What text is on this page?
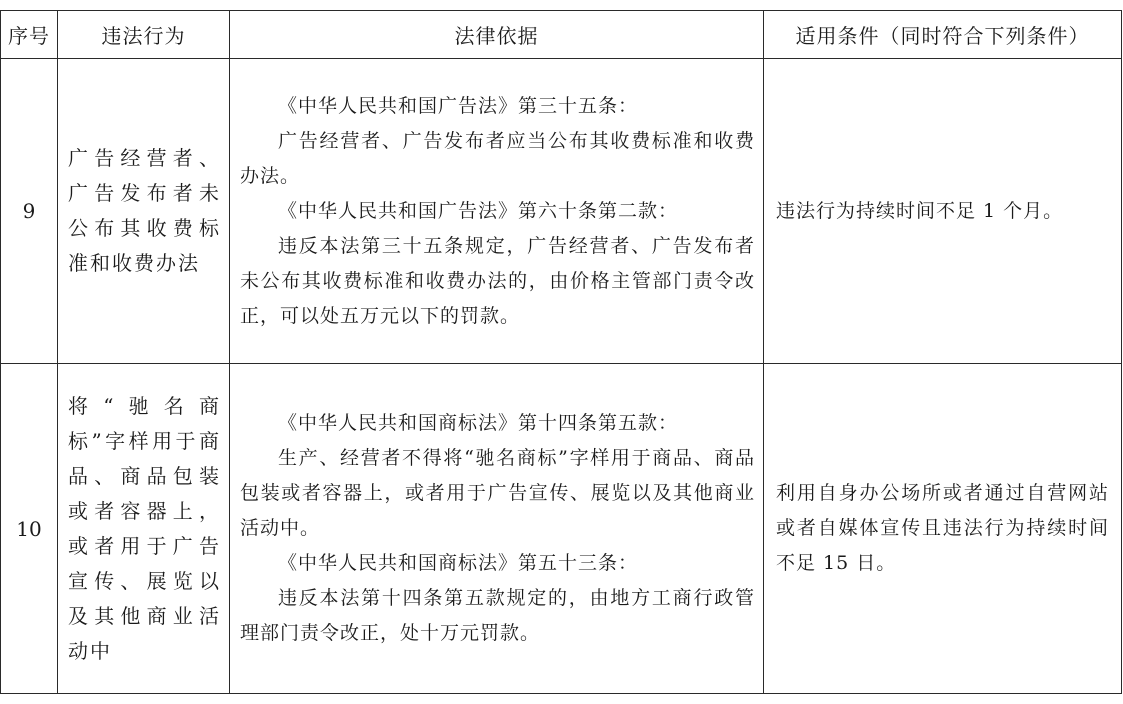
序号	违法行为	法律依据	适用条件（同时符合下列条件）
9	广告经营者、广告发布者未公布其收费标准和收费办法	《中华人民共和国广告法》第三十五条：

广告经营者、广告发布者应当公布其收费标准和收费办法。

《中华人民共和国广告法》第六十条第二款：

违反本法第三十五条规定，广告经营者、广告发布者未公布其收费标准和收费办法的，由价格主管部门责令改正，可以处五万元以下的罚款。	违法行为持续时间不足 1 个月。
10	将“驰名商标”字样用于商品、商品包装或者容器上，或者用于广告宣传、展览以及其他商业活动中	《中华人民共和国商标法》第十四条第五款：

生产、经营者不得将“驰名商标”字样用于商品、商品包装或者容器上，或者用于广告宣传、展览以及其他商业活动中。

《中华人民共和国商标法》第五十三条：

违反本法第十四条第五款规定的，由地方工商行政管理部门责令改正，处十万元罚款。	利用自身办公场所或者通过自营网站或者自媒体宣传且违法行为持续时间不足 15 日。
